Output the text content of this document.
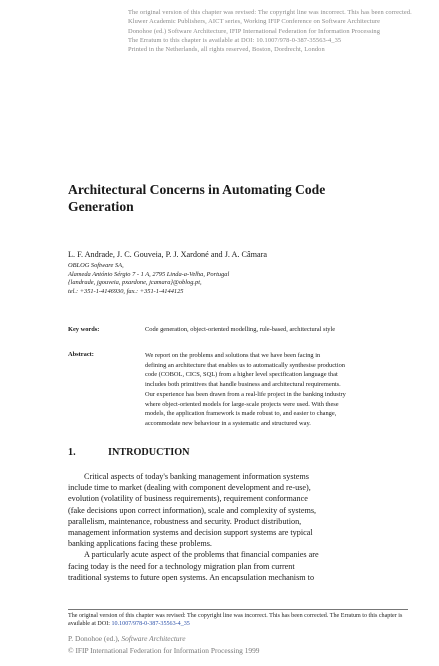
The original version of this chapter was revised: The copyright line was incorrect. This has been corrected.
Kluwer Academic Publishers, AICT series, Working IFIP Conference on Software Architecture
Donohoe (ed.) Software Architecture, IFIP International Federation for Information Processing
The Erratum to this chapter is available at DOI: 10.1007/978-0-387-35563-4_35
Printed in the Netherlands, all rights reserved, Boston, Dordrecht, London
Architectural Concerns in Automating Code Generation
L. F. Andrade, J. C. Gouveia, P. J. Xardoné and J. A. Câmara
OBLOG Software SA,
Alameda António Sérgio 7 - 1 A, 2795 Linda-a-Velha, Portugal
{landrade, jgouveia, pxardone, jcamara}@oblog.pt,
tel.: +351-1-4146930, fax.: +351-1-4144125
Key words:	Code generation, object-oriented modelling, rule-based, architectural style
Abstract:	We report on the problems and solutions that we have been facing in
defining an architecture that enables us to automatically synthesise production
code (COBOL, CICS, SQL) from a higher level specification language that
includes both primitives that handle business and architectural requirements.
Our experience has been drawn from a real-life project in the banking industry
where object-oriented models for large-scale projects were used. With these
models, the application framework is made robust to, and easier to change,
accommodate new behaviour in a systematic and structured way.
1.	INTRODUCTION
Critical aspects of today's banking management information systems
include time to market (dealing with component development and re-use),
evolution (volatility of business requirements), requirement conformance
(fake decisions upon correct information), scale and complexity of systems,
parallelism, maintenance, robustness and security. Product distribution,
management information systems and decision support systems are typical
banking applications facing these problems.
A particularly acute aspect of the problems that financial companies are
facing today is the need for a technology migration plan from current
traditional systems to future open systems. An encapsulation mechanism to
The original version of this chapter was revised: The copyright line was incorrect. This has been corrected. The Erratum to this chapter is available at DOI: 10.1007/978-0-387-35563-4_35
P. Donohoe (ed.), Software Architecture
© IFIP International Federation for Information Processing 1999
